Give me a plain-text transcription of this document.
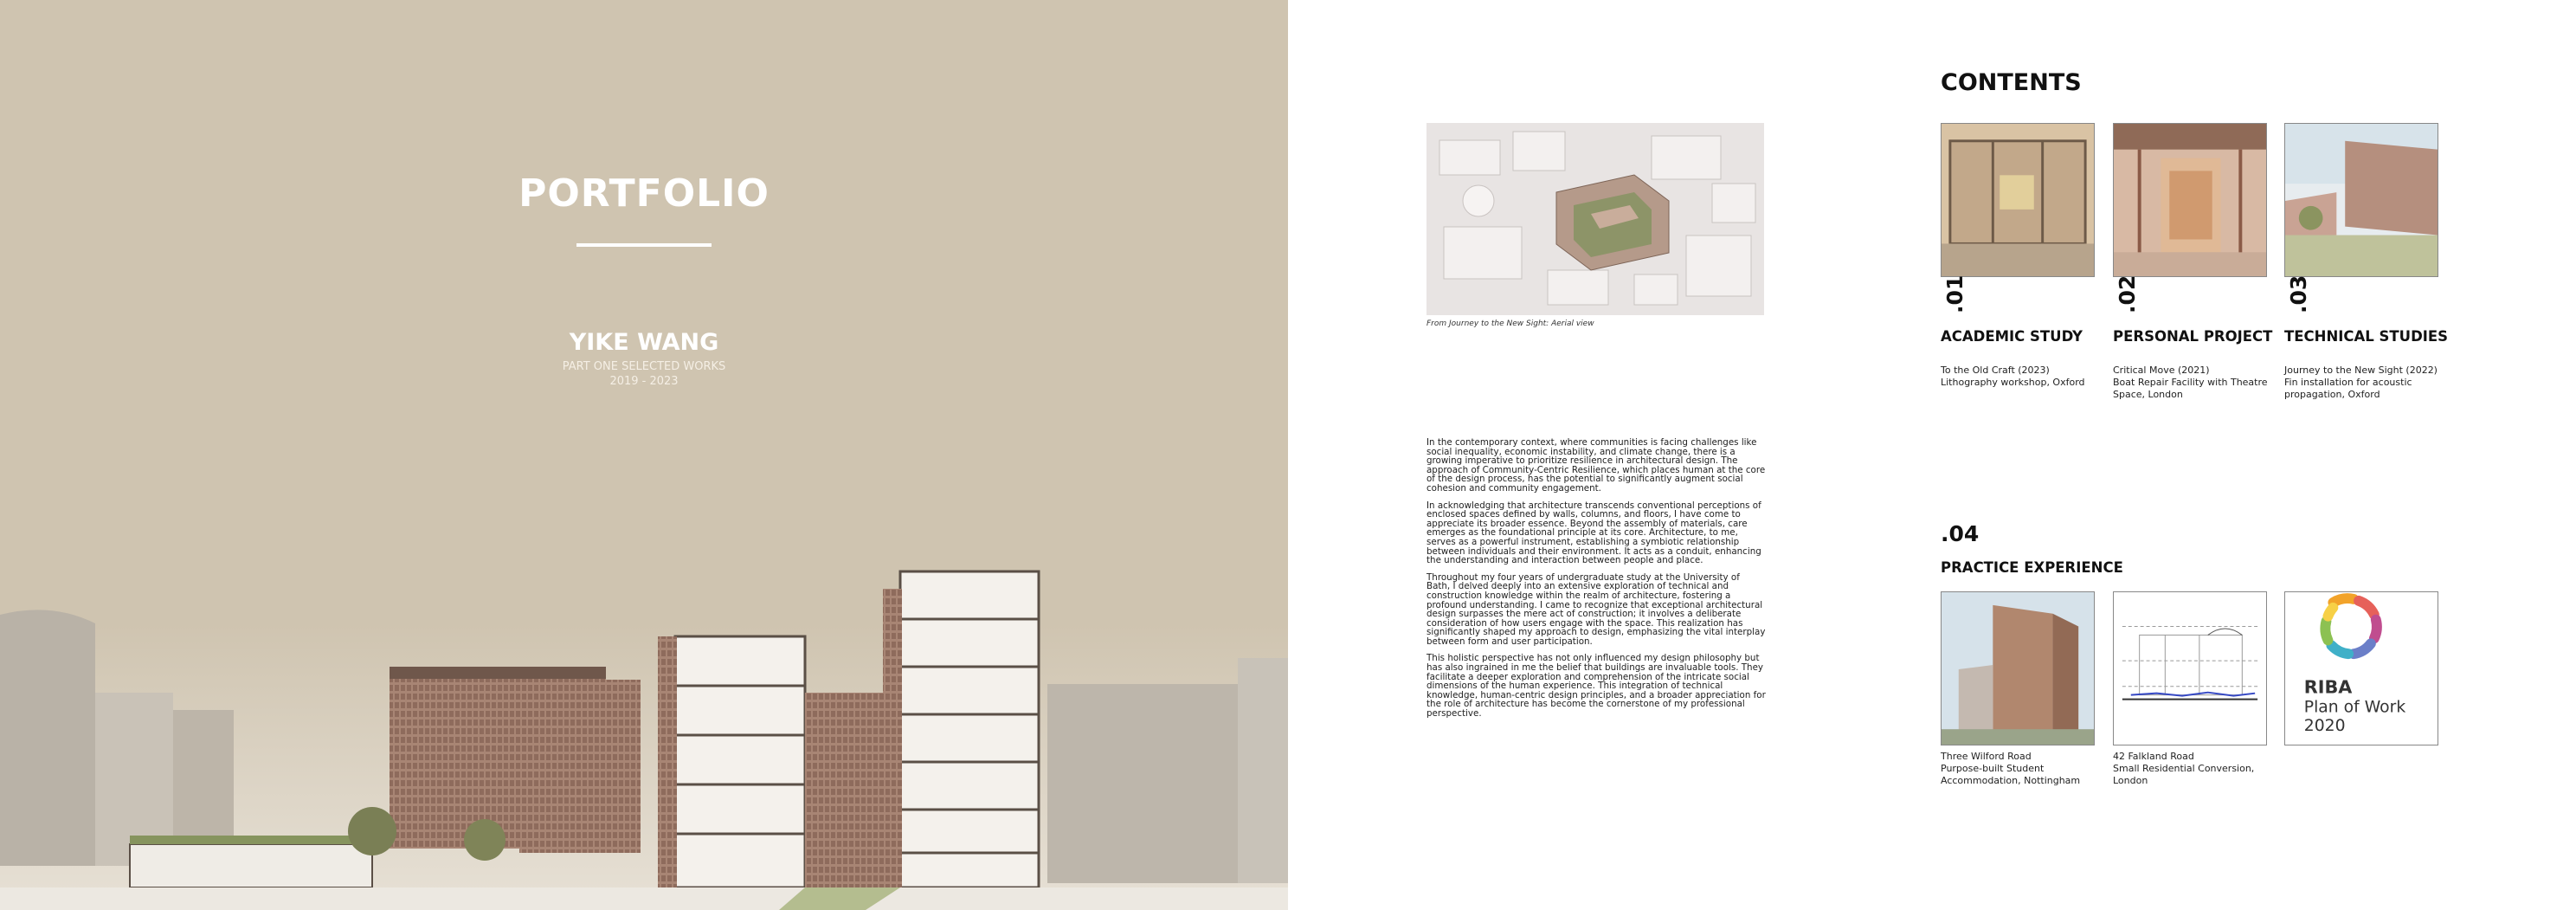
PORTFOLIO
YIKE WANG
PART ONE SELECTED WORKS
2019 - 2023
From Journey to the New Sight: Aerial view

In the contemporary context, where communities is facing challenges like social inequality, economic instability, and climate change, there is a growing imperative to prioritize resilience in architectural design. The approach of Community-Centric Resilience, which places human at the core of the design process, has the potential to significantly augment social cohesion and community engagement.

In acknowledging that architecture transcends conventional perceptions of enclosed spaces defined by walls, columns, and floors, I have come to appreciate its broader essence. Beyond the assembly of materials, care emerges as the foundational principle at its core. Architecture, to me, serves as a powerful instrument, establishing a symbiotic relationship between individuals and their environment. It acts as a conduit, enhancing the understanding and interaction between people and place.

Throughout my four years of undergraduate study at the University of Bath, I delved deeply into an extensive exploration of technical and construction knowledge within the realm of architecture, fostering a profound understanding. I came to recognize that exceptional architectural design surpasses the mere act of construction; it involves a deliberate consideration of how users engage with the space. This realization has significantly shaped my approach to design, emphasizing the vital interplay between form and user participation.

This holistic perspective has not only influenced my design philosophy but has also ingrained in me the belief that buildings are invaluable tools. They facilitate a deeper exploration and comprehension of the intricate social dimensions of the human experience. This integration of technical knowledge, human-centric design principles, and a broader appreciation for the role of architecture has become the cornerstone of my professional perspective.

CONTENTS
.01
ACADEMIC STUDY
To the Old Craft (2023)
Lithography workshop, Oxford
.02
PERSONAL PROJECT
Critical Move (2021)
Boat Repair Facility with Theatre
Space, London
.03
TECHNICAL STUDIES
Journey to the New Sight (2022)
Fin installation for acoustic
propagation, Oxford
.04
PRACTICE EXPERIENCE
Three Wilford Road
Purpose-built Student
Accommodation, Nottingham
42 Falkland Road
Small Residential Conversion,
London
RIBA
Plan of Work
2020
